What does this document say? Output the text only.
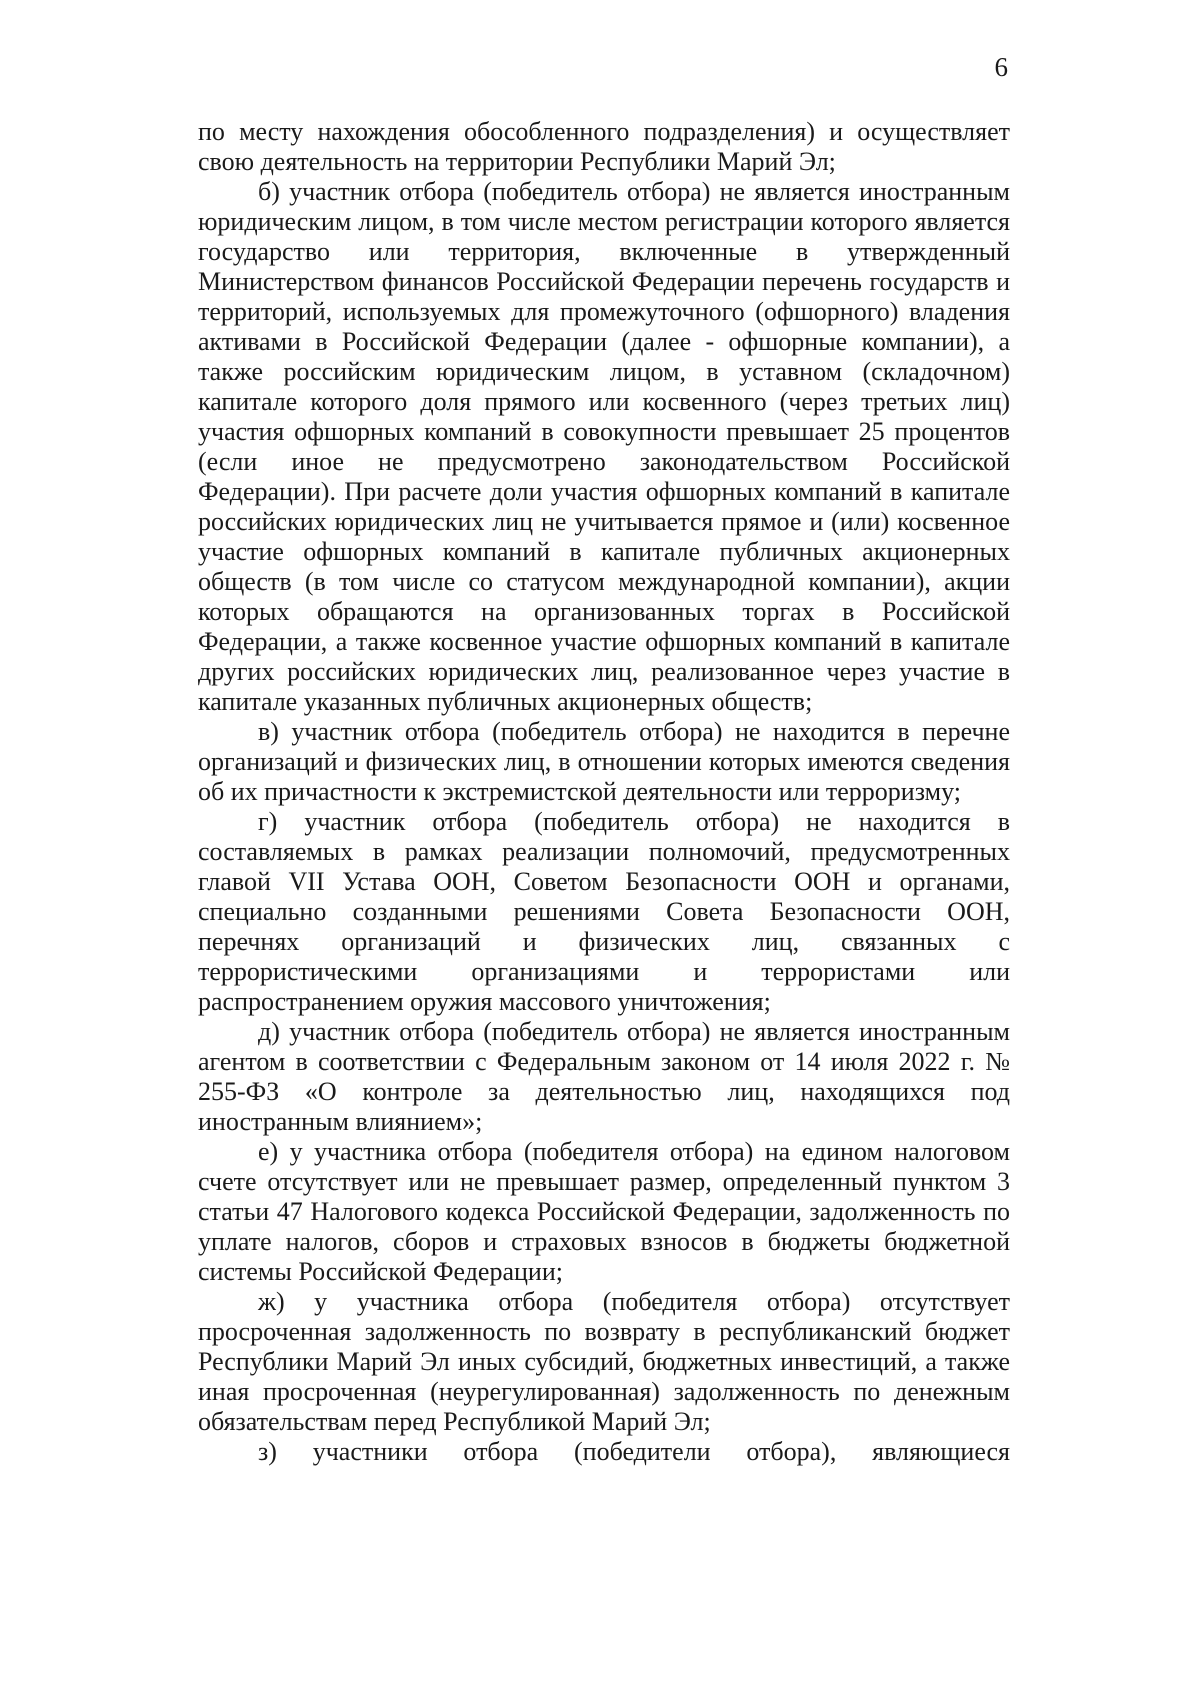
6

по месту нахождения обособленного подразделения) и осуществляет свою деятельность на территории Республики Марий Эл;

б) участник отбора (победитель отбора) не является иностранным юридическим лицом, в том числе местом регистрации которого является государство или территория, включенные в утвержденный Министерством финансов Российской Федерации перечень государств и территорий, используемых для промежуточного (офшорного) владения активами в Российской Федерации (далее - офшорные компании), а также российским юридическим лицом, в уставном (складочном) капитале которого доля прямого или косвенного (через третьих лиц) участия офшорных компаний в совокупности превышает 25 процентов (если иное не предусмотрено законодательством Российской Федерации). При расчете доли участия офшорных компаний в капитале российских юридических лиц не учитывается прямое и (или) косвенное участие офшорных компаний в капитале публичных акционерных обществ (в том числе со статусом международной компании), акции которых обращаются на организованных торгах в Российской Федерации, а также косвенное участие офшорных компаний в капитале других российских юридических лиц, реализованное через участие в капитале указанных публичных акционерных обществ;

в) участник отбора (победитель отбора) не находится в перечне организаций и физических лиц, в отношении которых имеются сведения об их причастности к экстремистской деятельности или терроризму;

г) участник отбора (победитель отбора) не находится в составляемых в рамках реализации полномочий, предусмотренных главой VII Устава ООН, Советом Безопасности ООН и органами, специально созданными решениями Совета Безопасности ООН, перечнях организаций и физических лиц, связанных с террористическими организациями и террористами или распространением оружия массового уничтожения;

д) участник отбора (победитель отбора) не является иностранным агентом в соответствии с Федеральным законом от 14 июля 2022 г. № 255-ФЗ «О контроле за деятельностью лиц, находящихся под иностранным влиянием»;

е) у участника отбора (победителя отбора) на едином налоговом счете отсутствует или не превышает размер, определенный пунктом 3 статьи 47 Налогового кодекса Российской Федерации, задолженность по уплате налогов, сборов и страховых взносов в бюджеты бюджетной системы Российской Федерации;

ж) у участника отбора (победителя отбора) отсутствует просроченная задолженность по возврату в республиканский бюджет Республики Марий Эл иных субсидий, бюджетных инвестиций, а также иная просроченная (неурегулированная) задолженность по денежным обязательствам перед Республикой Марий Эл;

з) участники отбора (победители отбора), являющиеся
